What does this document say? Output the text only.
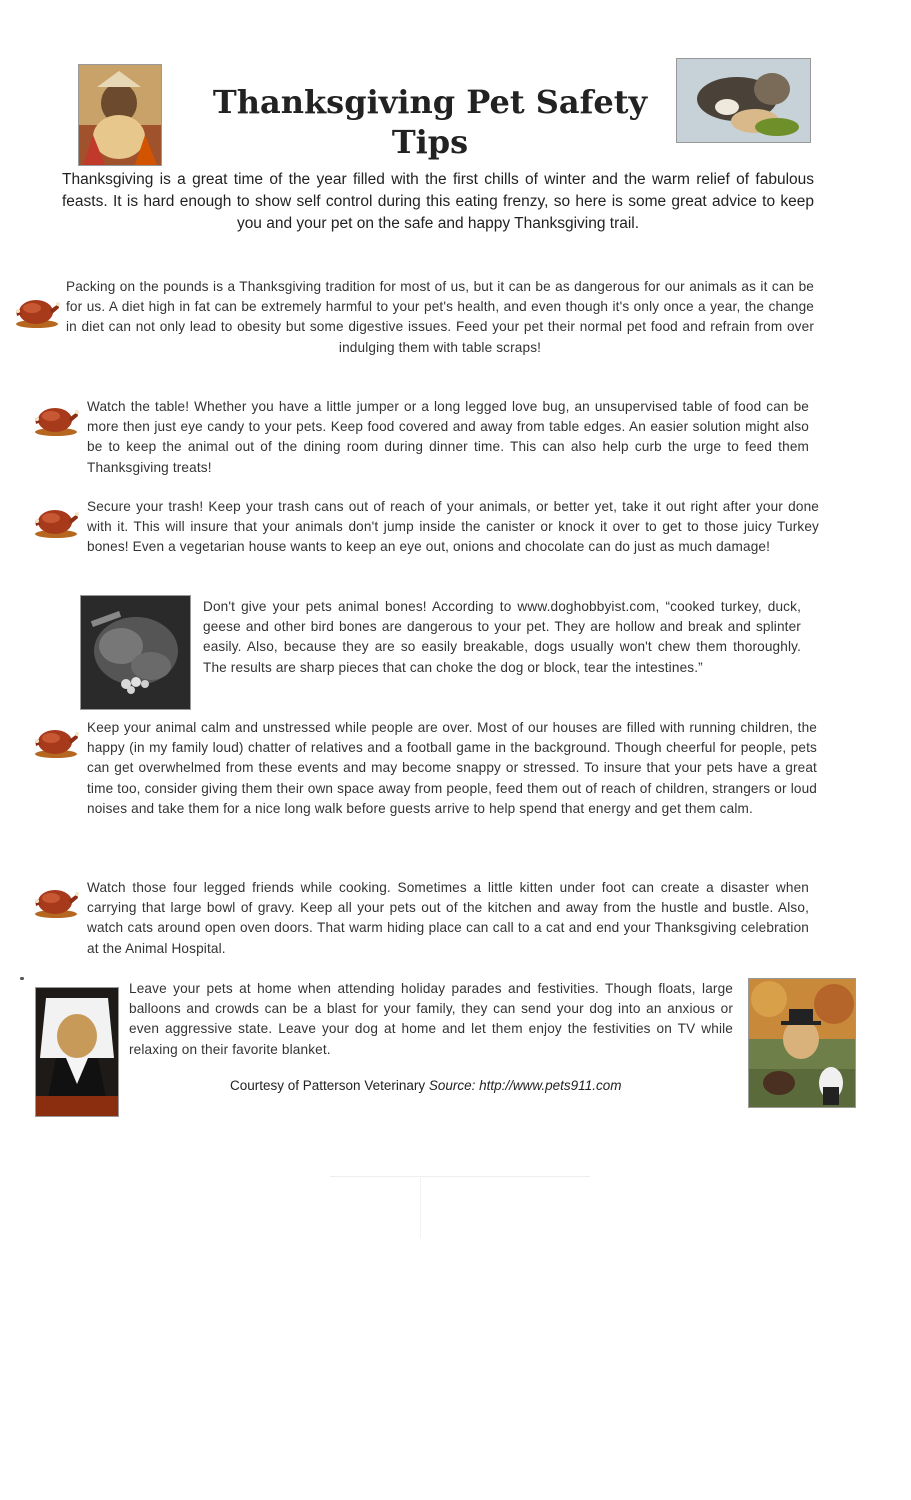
Thanksgiving Pet Safety Tips
Thanksgiving is a great time of the year filled with the first chills of winter and the warm relief of fabulous feasts. It is hard enough to show self control during this eating frenzy, so here is some great advice to keep you and your pet on the safe and happy Thanksgiving trail.
Packing on the pounds is a Thanksgiving tradition for most of us, but it can be as dangerous for our animals as it can be for us. A diet high in fat can be extremely harmful to your pet's health, and even though it's only once a year, the change in diet can not only lead to obesity but some digestive issues. Feed your pet their normal pet food and refrain from over indulging them with table scraps!
Watch the table! Whether you have a little jumper or a long legged love bug, an unsupervised table of food can be more then just eye candy to your pets. Keep food covered and away from table edges. An easier solution might also be to keep the animal out of the dining room during dinner time. This can also help curb the urge to feed them Thanksgiving treats!
Secure your trash! Keep your trash cans out of reach of your animals, or better yet, take it out right after your done with it. This will insure that your animals don't jump inside the canister or knock it over to get to those juicy Turkey bones! Even a vegetarian house wants to keep an eye out, onions and chocolate can do just as much damage!
Don't give your pets animal bones! According to www.doghobbyist.com, “cooked turkey, duck, geese and other bird bones are dangerous to your pet. They are hollow and break and splinter easily. Also, because they are so easily breakable, dogs usually won't chew them thoroughly. The results are sharp pieces that can choke the dog or block, tear the intestines.”
Keep your animal calm and unstressed while people are over. Most of our houses are filled with running children, the happy (in my family loud) chatter of relatives and a football game in the background. Though cheerful for people, pets can get overwhelmed from these events and may become snappy or stressed. To insure that your pets have a great time too, consider giving them their own space away from people, feed them out of reach of children, strangers or loud noises and take them for a nice long walk before guests arrive to help spend that energy and get them calm.
Watch those four legged friends while cooking. Sometimes a little kitten under foot can create a disaster when carrying that large bowl of gravy. Keep all your pets out of the kitchen and away from the hustle and bustle. Also, watch cats around open oven doors. That warm hiding place can call to a cat and end your Thanksgiving celebration at the Animal Hospital.
Leave your pets at home when attending holiday parades and festivities. Though floats, large balloons and crowds can be a blast for your family, they can send your dog into an anxious or even aggressive state. Leave your dog at home and let them enjoy the festivities on TV while relaxing on their favorite blanket.
Courtesy of Patterson Veterinary Source: http://www.pets911.com
